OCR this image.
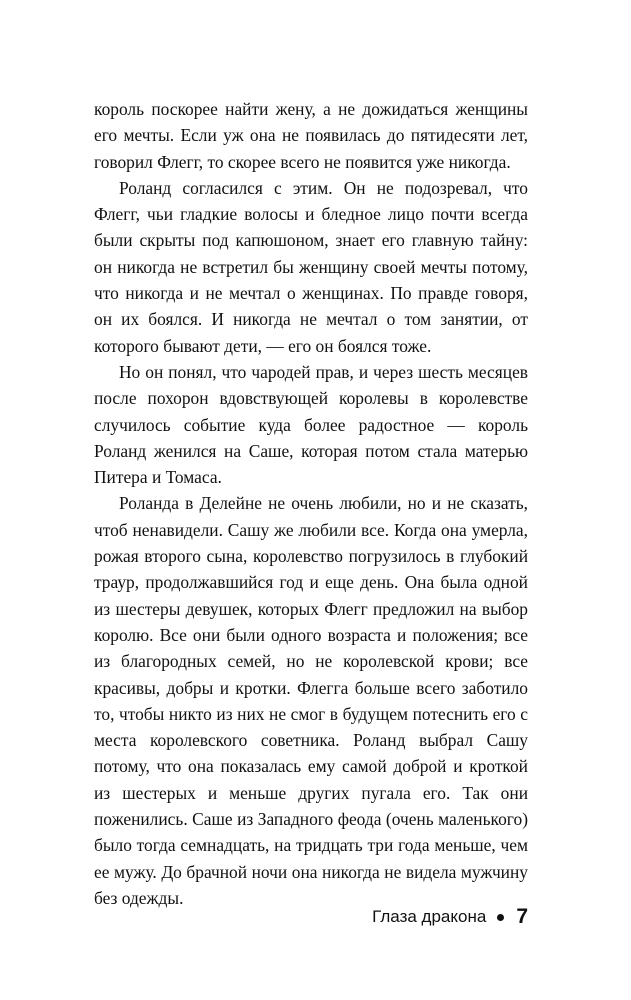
король поскорее найти жену, а не дожидаться женщины его мечты. Если уж она не появилась до пятидесяти лет, говорил Флегг, то скорее всего не появится уже никогда.

Роланд согласился с этим. Он не подозревал, что Флегг, чьи гладкие волосы и бледное лицо почти всегда были скрыты под капюшоном, знает его главную тайну: он никогда не встретил бы женщину своей мечты потому, что никогда и не мечтал о женщинах. По правде говоря, он их боялся. И никогда не мечтал о том занятии, от которого бывают дети, — его он боялся тоже.

Но он понял, что чародей прав, и через шесть месяцев после похорон вдовствующей королевы в королевстве случилось событие куда более радостное — король Роланд женился на Саше, которая потом стала матерью Питера и Томаса.

Роланда в Делейне не очень любили, но и не сказать, чтоб ненавидели. Сашу же любили все. Когда она умерла, рожая второго сына, королевство погрузилось в глубокий траур, продолжавшийся год и еще день. Она была одной из шестеры девушек, которых Флегг предложил на выбор королю. Все они были одного возраста и положения; все из благородных семей, но не королевской крови; все красивы, добры и кротки. Флегга больше всего заботило то, чтобы никто из них не смог в будущем потеснить его с места королевского советника. Роланд выбрал Сашу потому, что она показалась ему самой доброй и кроткой из шестерых и меньше других пугала его. Так они поженились. Саше из Западного феода (очень маленького) было тогда семнадцать, на тридцать три года меньше, чем ее мужу. До брачной ночи она никогда не видела мужчину без одежды.

Глаза дракона 7
